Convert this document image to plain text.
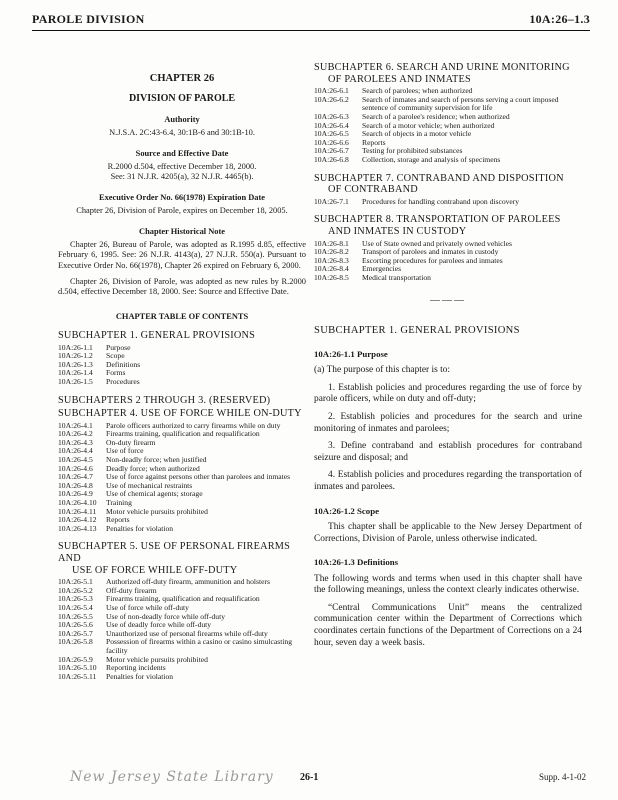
PAROLE DIVISION	10A:26–1.3
CHAPTER 26
DIVISION OF PAROLE
Authority
N.J.S.A. 2C:43-6.4, 30:1B-6 and 30:1B-10.
Source and Effective Date
R.2000 d.504, effective December 18, 2000.
See: 31 N.J.R. 4205(a), 32 N.J.R. 4465(b).
Executive Order No. 66(1978) Expiration Date
Chapter 26, Division of Parole, expires on December 18, 2005.
Chapter Historical Note
Chapter 26, Bureau of Parole, was adopted as R.1995 d.85, effective February 6, 1995. See: 26 N.J.R. 4143(a), 27 N.J.R. 550(a). Pursuant to Executive Order No. 66(1978), Chapter 26 expired on February 6, 2000.
Chapter 26, Division of Parole, was adopted as new rules by R.2000 d.504, effective December 18, 2000. See: Source and Effective Date.
CHAPTER TABLE OF CONTENTS
SUBCHAPTER 1. GENERAL PROVISIONS
10A:26-1.1	Purpose
10A:26-1.2	Scope
10A:26-1.3	Definitions
10A:26-1.4	Forms
10A:26-1.5	Procedures
SUBCHAPTERS 2 THROUGH 3. (RESERVED)
SUBCHAPTER 4. USE OF FORCE WHILE ON-DUTY
10A:26-4.1	Parole officers authorized to carry firearms while on duty
10A:26-4.2	Firearms training, qualification and requalification
10A:26-4.3	On-duty firearm
10A:26-4.4	Use of force
10A:26-4.5	Non-deadly force; when justified
10A:26-4.6	Deadly force; when authorized
10A:26-4.7	Use of force against persons other than parolees and inmates
10A:26-4.8	Use of mechanical restraints
10A:26-4.9	Use of chemical agents; storage
10A:26-4.10	Training
10A:26-4.11	Motor vehicle pursuits prohibited
10A:26-4.12	Reports
10A:26-4.13	Penalties for violation
SUBCHAPTER 5. USE OF PERSONAL FIREARMS AND
USE OF FORCE WHILE OFF-DUTY
10A:26-5.1	Authorized off-duty firearm, ammunition and holsters
10A:26-5.2	Off-duty firearm
10A:26-5.3	Firearms training, qualification and requalification
10A:26-5.4	Use of force while off-duty
10A:26-5.5	Use of non-deadly force while off-duty
10A:26-5.6	Use of deadly force while off-duty
10A:26-5.7	Unauthorized use of personal firearms while off-duty
10A:26-5.8	Possession of firearms within a casino or casino simulcasting facility
10A:26-5.9	Motor vehicle pursuits prohibited
10A:26-5.10	Reporting incidents
10A:26-5.11	Penalties for violation
SUBCHAPTER 6. SEARCH AND URINE MONITORING
OF PAROLEES AND INMATES
10A:26-6.1	Search of parolees; when authorized
10A:26-6.2	Search of inmates and search of persons serving a court imposed sentence of community supervision for life
10A:26-6.3	Search of a parolee's residence; when authorized
10A:26-6.4	Search of a motor vehicle; when authorized
10A:26-6.5	Search of objects in a motor vehicle
10A:26-6.6	Reports
10A:26-6.7	Testing for prohibited substances
10A:26-6.8	Collection, storage and analysis of specimens
SUBCHAPTER 7. CONTRABAND AND DISPOSITION
OF CONTRABAND
10A:26-7.1	Procedures for handling contraband upon discovery
SUBCHAPTER 8. TRANSPORTATION OF PAROLEES
AND INMATES IN CUSTODY
10A:26-8.1	Use of State owned and privately owned vehicles
10A:26-8.2	Transport of parolees and inmates in custody
10A:26-8.3	Escorting procedures for parolees and inmates
10A:26-8.4	Emergencies
10A:26-8.5	Medical transportation
———
SUBCHAPTER 1. GENERAL PROVISIONS
10A:26-1.1 Purpose
(a) The purpose of this chapter is to:
1. Establish policies and procedures regarding the use of force by parole officers, while on duty and off-duty;
2. Establish policies and procedures for the search and urine monitoring of inmates and parolees;
3. Define contraband and establish procedures for contraband seizure and disposal; and
4. Establish policies and procedures regarding the transportation of inmates and parolees.
10A:26-1.2 Scope
This chapter shall be applicable to the New Jersey Department of Corrections, Division of Parole, unless otherwise indicated.
10A:26-1.3 Definitions
The following words and terms when used in this chapter shall have the following meanings, unless the context clearly indicates otherwise.
“Central Communications Unit” means the centralized communication center within the Department of Corrections which coordinates certain functions of the Department of Corrections on a 24 hour, seven day a week basis.
New Jersey State Library	26-1	Supp. 4-1-02
